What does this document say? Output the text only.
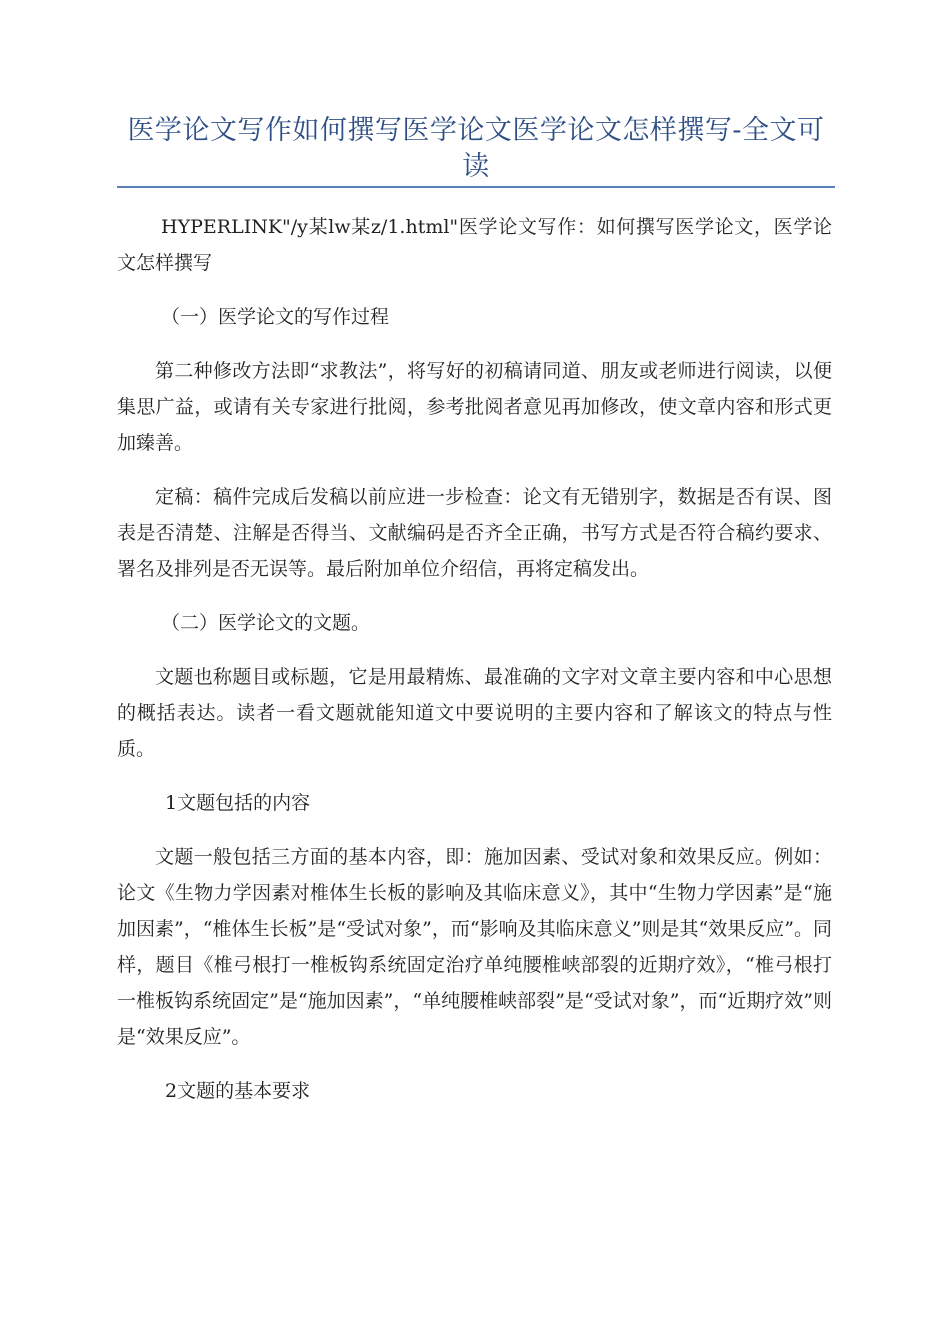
医学论文写作如何撰写医学论文医学论文怎样撰写-全文可读

HYPERLINK"/y某lw某z/1.html"医学论文写作：如何撰写医学论文，医学论文怎样撰写

（一）医学论文的写作过程

第二种修改方法即“求教法”，将写好的初稿请同道、朋友或老师进行阅读，以便集思广益，或请有关专家进行批阅，参考批阅者意见再加修改，使文章内容和形式更加臻善。

定稿：稿件完成后发稿以前应进一步检查：论文有无错别字，数据是否有误、图表是否清楚、注解是否得当、文献编码是否齐全正确，书写方式是否符合稿约要求、署名及排列是否无误等。最后附加单位介绍信，再将定稿发出。

（二）医学论文的文题。

文题也称题目或标题，它是用最精炼、最准确的文字对文章主要内容和中心思想的概括表达。读者一看文题就能知道文中要说明的主要内容和了解该文的特点与性质。

1文题包括的内容

文题一般包括三方面的基本内容，即：施加因素、受试对象和效果反应。例如：论文《生物力学因素对椎体生长板的影响及其临床意义》，其中“生物力学因素”是“施加因素”，“椎体生长板”是“受试对象”，而“影响及其临床意义”则是其“效果反应”。同样，题目《椎弓根打一椎板钩系统固定治疗单纯腰椎峡部裂的近期疗效》，“椎弓根打一椎板钩系统固定”是“施加因素”，“单纯腰椎峡部裂”是“受试对象”，而“近期疗效”则是“效果反应”。

2文题的基本要求
